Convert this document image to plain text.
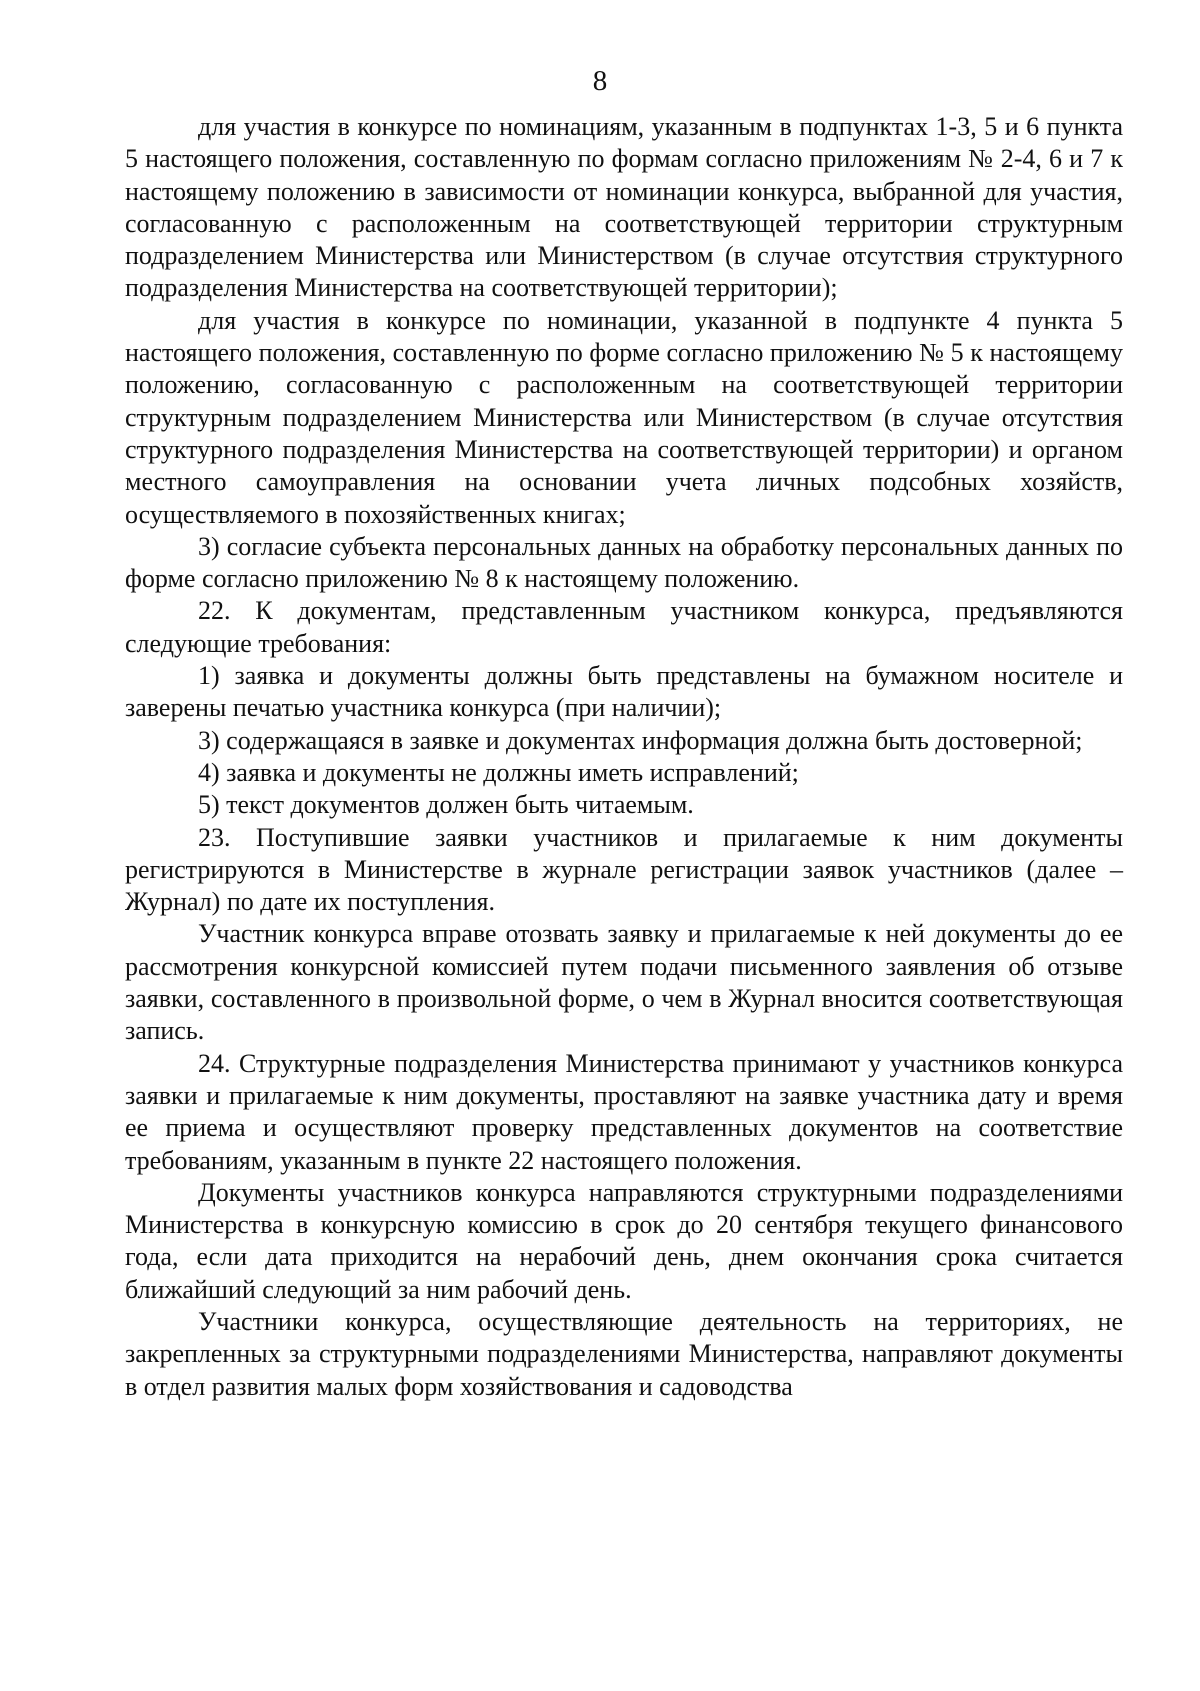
8

для участия в конкурсе по номинациям, указанным в подпунктах 1-3, 5 и 6 пункта 5 настоящего положения, составленную по формам согласно приложениям № 2-4, 6 и 7 к настоящему положению в зависимости от номинации конкурса, выбранной для участия, согласованную с расположенным на соответствующей территории структурным подразделением Министерства или Министерством (в случае отсутствия структурного подразделения Министерства на соответствующей территории);

для участия в конкурсе по номинации, указанной в подпункте 4 пункта 5 настоящего положения, составленную по форме согласно приложению № 5 к настоящему положению, согласованную с расположенным на соответствующей территории структурным подразделением Министерства или Министерством (в случае отсутствия структурного подразделения Министерства на соответствующей территории) и органом местного самоуправления на основании учета личных подсобных хозяйств, осуществляемого в похозяйственных книгах;

3) согласие субъекта персональных данных на обработку персональных данных по форме согласно приложению № 8 к настоящему положению.

22. К документам, представленным участником конкурса, предъявляются следующие требования:

1) заявка и документы должны быть представлены на бумажном носителе и заверены печатью участника конкурса (при наличии);

3) содержащаяся в заявке и документах информация должна быть достоверной;

4) заявка и документы не должны иметь исправлений;

5) текст документов должен быть читаемым.

23. Поступившие заявки участников и прилагаемые к ним документы регистрируются в Министерстве в журнале регистрации заявок участников (далее – Журнал) по дате их поступления.

Участник конкурса вправе отозвать заявку и прилагаемые к ней документы до ее рассмотрения конкурсной комиссией путем подачи письменного заявления об отзыве заявки, составленного в произвольной форме, о чем в Журнал вносится соответствующая запись.

24. Структурные подразделения Министерства принимают у участников конкурса заявки и прилагаемые к ним документы, проставляют на заявке участника дату и время ее приема и осуществляют проверку представленных документов на соответствие требованиям, указанным в пункте 22 настоящего положения.

Документы участников конкурса направляются структурными подразделениями Министерства в конкурсную комиссию в срок до 20 сентября текущего финансового года, если дата приходится на нерабочий день, днем окончания срока считается ближайший следующий за ним рабочий день.

Участники конкурса, осуществляющие деятельность на территориях, не закрепленных за структурными подразделениями Министерства, направляют документы в отдел развития малых форм хозяйствования и садоводства
